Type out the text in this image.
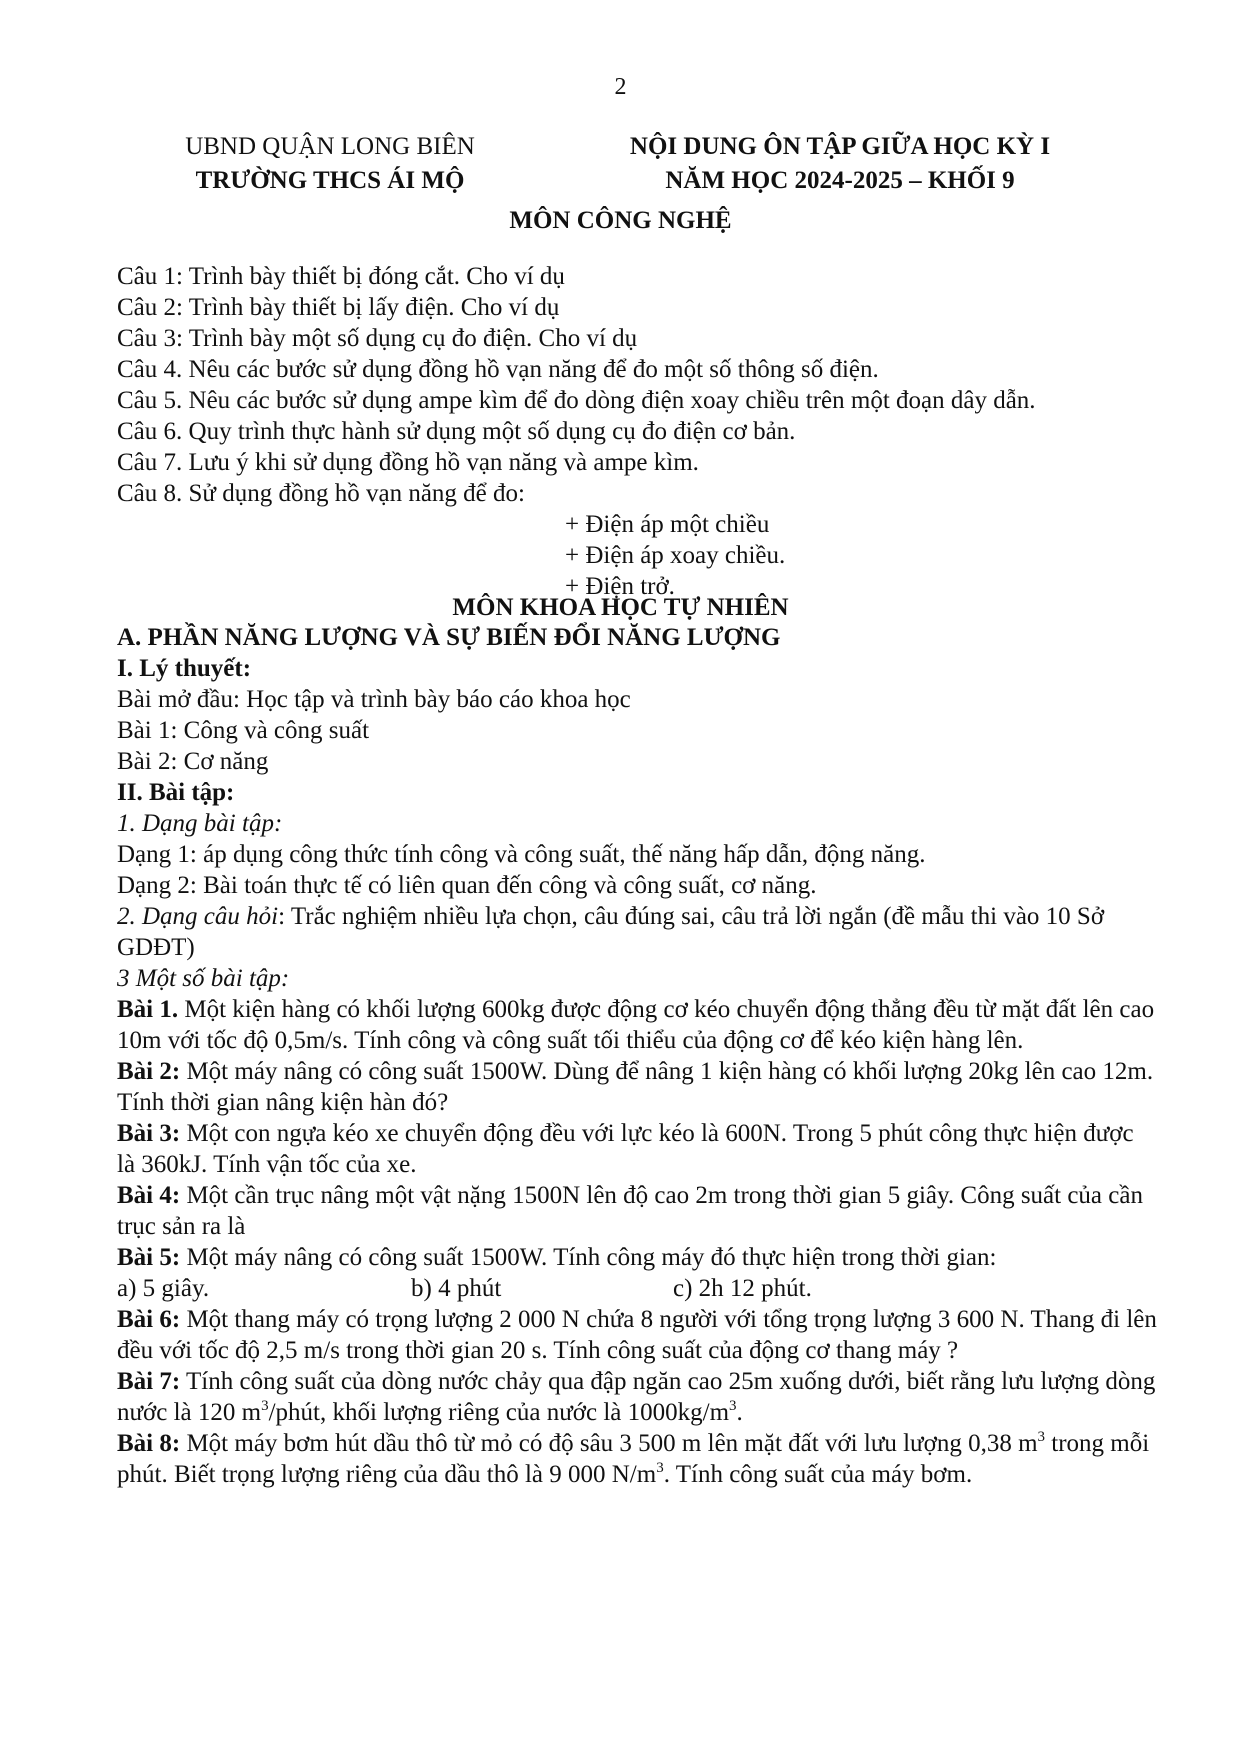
2
UBND QUẬN LONG BIÊN
TRƯỜNG THCS ÁI MỘ
NỘI DUNG ÔN TẬP GIỮA HỌC KỲ I
NĂM HỌC 2024-2025 – KHỐI 9
MÔN CÔNG NGHỆ
Câu 1: Trình bày thiết bị đóng cắt. Cho ví dụ
Câu 2: Trình bày thiết bị lấy điện. Cho ví dụ
Câu 3: Trình bày một số dụng cụ đo điện. Cho ví dụ
Câu 4. Nêu các bước sử dụng đồng hồ vạn năng để đo một số thông số điện.
Câu 5. Nêu các bước sử dụng ampe kìm để đo dòng điện xoay chiều trên một đoạn dây dẫn.
Câu 6. Quy trình thực hành sử dụng một số dụng cụ đo điện cơ bản.
Câu 7. Lưu ý khi sử dụng đồng hồ vạn năng và ampe kìm.
Câu 8. Sử dụng đồng hồ vạn năng để đo:
+ Điện áp một chiều
+ Điện áp xoay chiều.
+ Điện trở.
MÔN KHOA HỌC TỰ NHIÊN
A. PHẦN NĂNG LƯỢNG VÀ SỰ BIẾN ĐỔI NĂNG LƯỢNG
I. Lý thuyết:
Bài mở đầu: Học tập và trình bày báo cáo khoa học
Bài 1: Công và công suất
Bài 2: Cơ năng
II. Bài tập:
1. Dạng bài tập:
Dạng 1: áp dụng công thức tính công và công suất, thế năng hấp dẫn, động năng.
Dạng 2: Bài toán thực tế có liên quan đến công và công suất, cơ năng.
2. Dạng câu hỏi: Trắc nghiệm nhiều lựa chọn, câu đúng sai, câu trả lời ngắn (đề mẫu thi vào 10 Sở GDĐT)
3 Một số bài tập:
Bài 1. Một kiện hàng có khối lượng 600kg được động cơ kéo chuyển động thẳng đều từ mặt đất lên cao 10m với tốc độ 0,5m/s. Tính công và công suất tối thiểu của động cơ để kéo kiện hàng lên.
Bài 2: Một máy nâng có công suất 1500W. Dùng để nâng 1 kiện hàng có khối lượng 20kg lên cao 12m. Tính thời gian nâng kiện hàn đó?
Bài 3: Một con ngựa kéo xe chuyển động đều với lực kéo là 600N. Trong 5 phút công thực hiện được là 360kJ. Tính vận tốc của xe.
Bài 4: Một cần trục nâng một vật nặng 1500N lên độ cao 2m trong thời gian 5 giây. Công suất của cần trục sản ra là
Bài 5: Một máy nâng có công suất 1500W. Tính công máy đó thực hiện trong thời gian:
a) 5 giây.	b) 4 phút	c) 2h 12 phút.
Bài 6: Một thang máy có trọng lượng 2 000 N chứa 8 người với tổng trọng lượng 3 600 N. Thang đi lên đều với tốc độ 2,5 m/s trong thời gian 20 s. Tính công suất của động cơ thang máy ?
Bài 7: Tính công suất của dòng nước chảy qua đập ngăn cao 25m xuống dưới, biết rằng lưu lượng dòng nước là 120 $m^3$/phút, khối lượng riêng của nước là $1000kg/m^3$.
Bài 8: Một máy bơm hút dầu thô từ mỏ có độ sâu 3 500 m lên mặt đất với lưu lượng 0,38 $m^3$ trong mỗi phút. Biết trọng lượng riêng của dầu thô là 9 000 $N/m^3$. Tính công suất của máy bơm.
